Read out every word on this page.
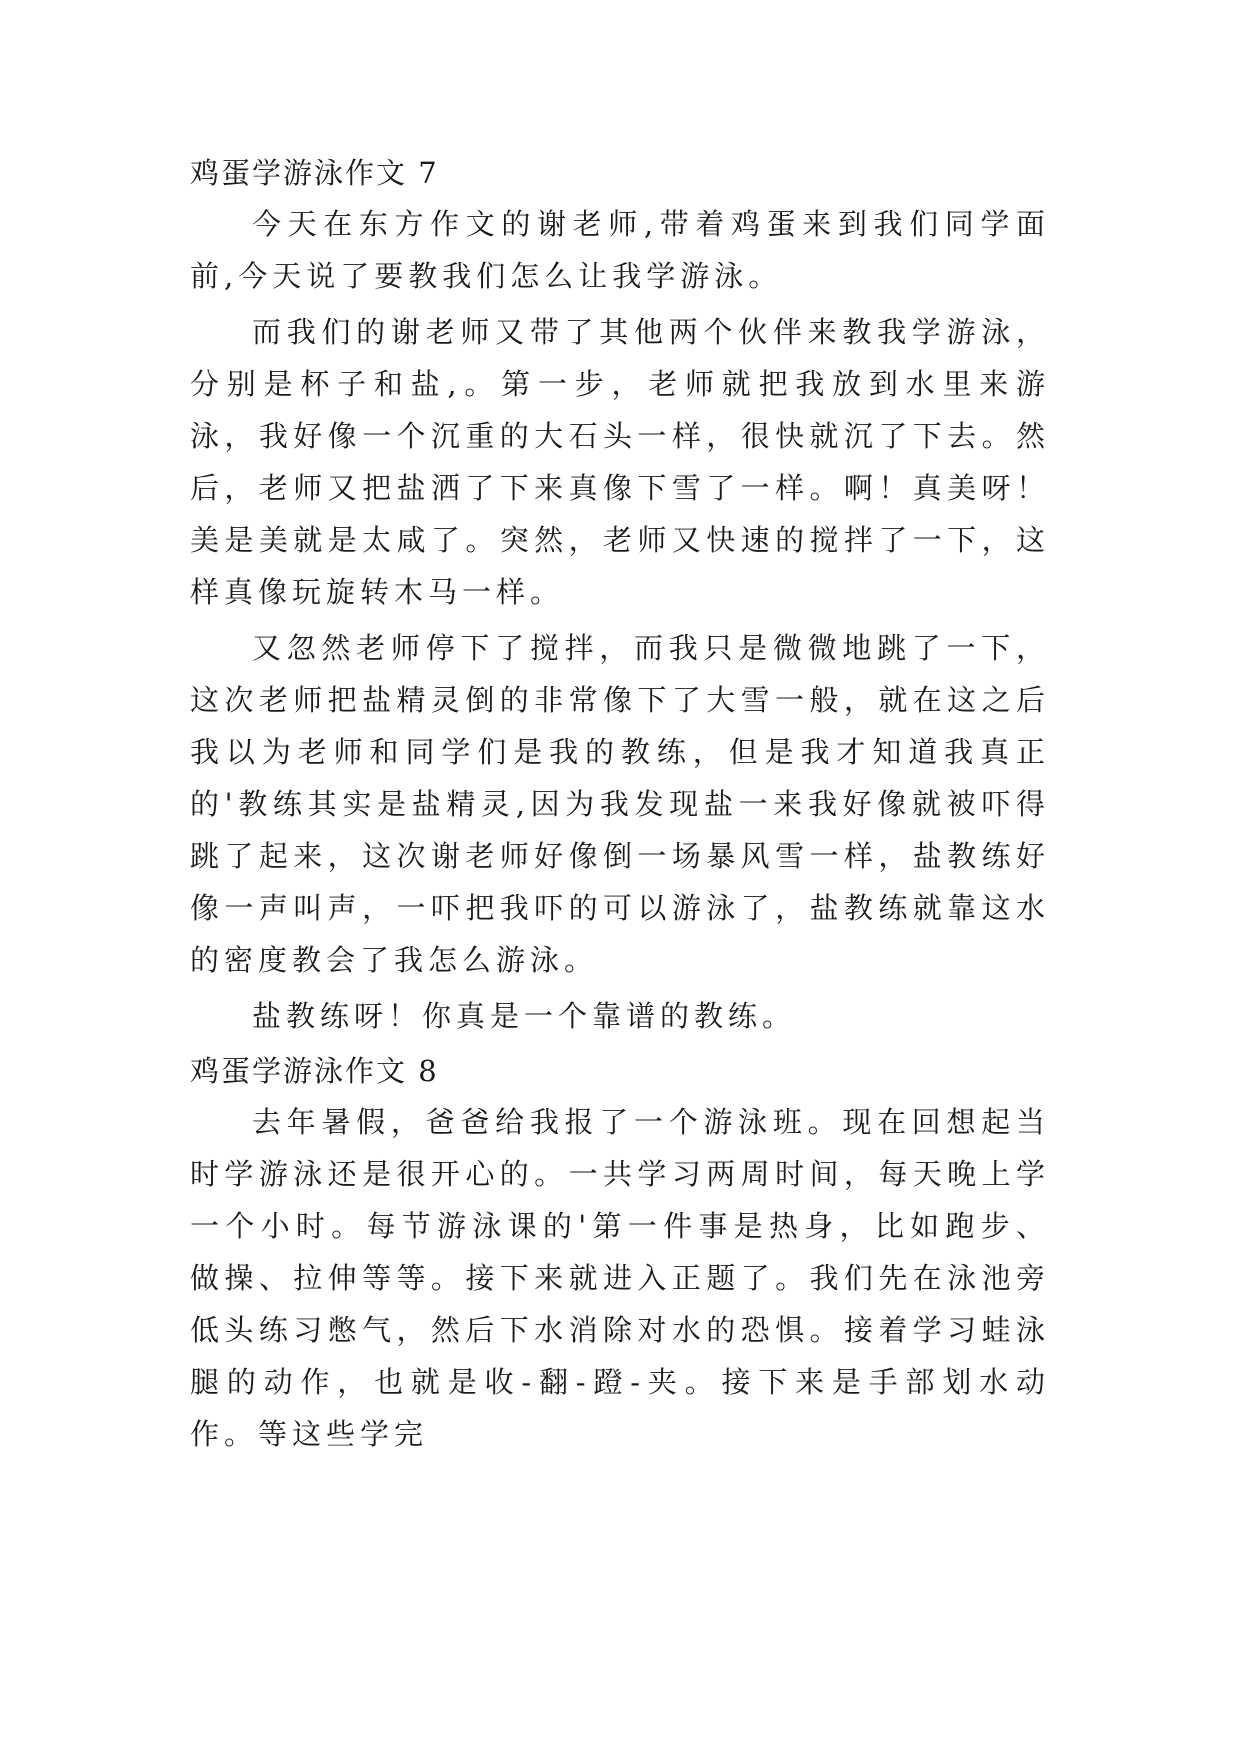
鸡蛋学游泳作文 7

今天在东方作文的谢老师,带着鸡蛋来到我们同学面前,今天说了要教我们怎么让我学游泳。

而我们的谢老师又带了其他两个伙伴来教我学游泳，分别是杯子和盐,。第一步，老师就把我放到水里来游泳，我好像一个沉重的大石头一样，很快就沉了下去。然后，老师又把盐洒了下来真像下雪了一样。啊！真美呀！美是美就是太咸了。突然，老师又快速的搅拌了一下，这样真像玩旋转木马一样。

又忽然老师停下了搅拌，而我只是微微地跳了一下，这次老师把盐精灵倒的非常像下了大雪一般，就在这之后我以为老师和同学们是我的教练，但是我才知道我真正的'教练其实是盐精灵,因为我发现盐一来我好像就被吓得跳了起来，这次谢老师好像倒一场暴风雪一样，盐教练好像一声叫声，一吓把我吓的可以游泳了，盐教练就靠这水的密度教会了我怎么游泳。

盐教练呀！你真是一个靠谱的教练。

鸡蛋学游泳作文 8

去年暑假，爸爸给我报了一个游泳班。现在回想起当时学游泳还是很开心的。一共学习两周时间，每天晚上学一个小时。每节游泳课的'第一件事是热身，比如跑步、做操、拉伸等等。接下来就进入正题了。我们先在泳池旁低头练习憋气，然后下水消除对水的恐惧。接着学习蛙泳腿的动作，也就是收-翻-蹬-夹。接下来是手部划水动作。等这些学完
